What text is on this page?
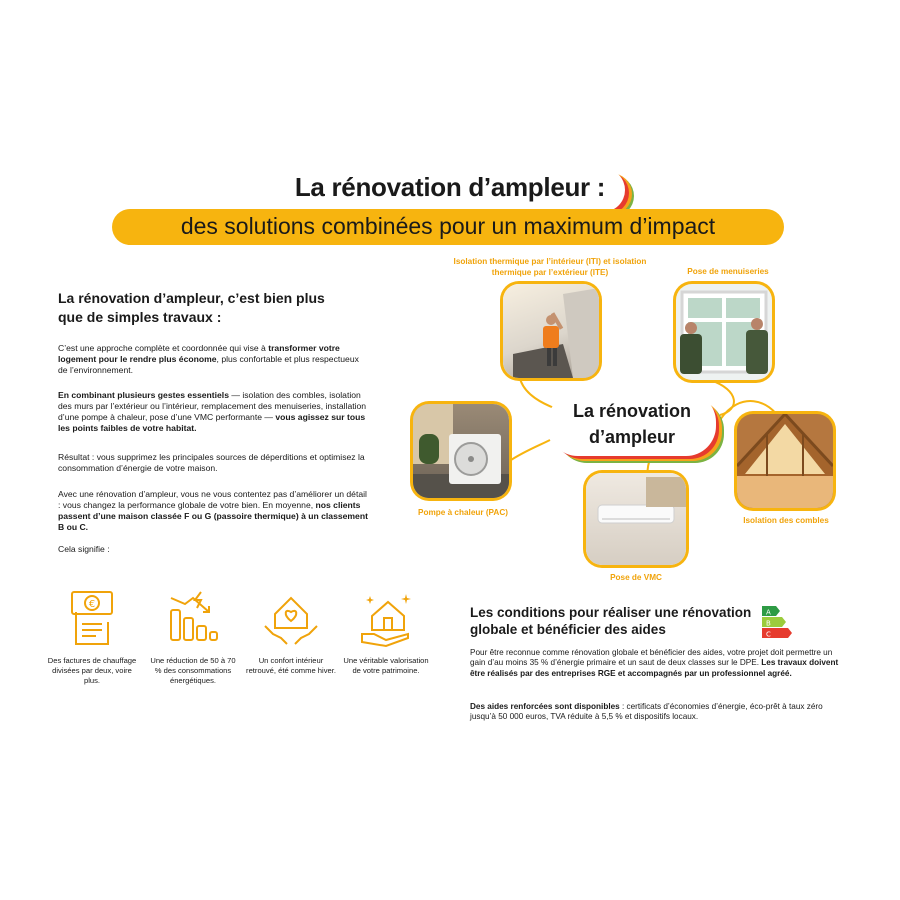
La rénovation d’ampleur :
des solutions combinées pour un maximum d’impact
La rénovation d’ampleur, c’est bien plus que de simples travaux :
C’est une approche complète et coordonnée qui vise à transformer votre logement pour le rendre plus économe, plus confortable et plus respectueux de l’environnement.
En combinant plusieurs gestes essentiels — isolation des combles, isolation des murs par l’extérieur ou l’intérieur, remplacement des menuiseries, installation d’une pompe à chaleur, pose d’une VMC performante — vous agissez sur tous les points faibles de votre habitat.
Résultat : vous supprimez les principales sources de déperditions et optimisez la consommation d’énergie de votre maison.
Avec une rénovation d’ampleur, vous ne vous contentez pas d’améliorer un détail : vous changez la performance globale de votre bien. En moyenne, nos clients passent d’une maison classée F ou G (passoire thermique) à un classement B ou C.
Cela signifie :
€
Des factures de chauffage divisées par deux, voire plus.
Une réduction de 50 à 70 % des consommations énergétiques.
Un confort intérieur retrouvé, été comme hiver.
Une véritable valorisation de votre patrimoine.
Isolation thermique par l’intérieur (ITI) et isolation thermique par l’extérieur (ITE)	Pose de menuiseries
La rénovation
d’ampleur
Pompe à chaleur (PAC)
Pose de VMC
Isolation des combles
Les conditions pour réaliser une rénovation globale et bénéficier des aides
A
B
C
Pour être reconnue comme rénovation globale et bénéficier des aides, votre projet doit permettre un gain d’au moins 35 % d’énergie primaire et un saut de deux classes sur le DPE. Les travaux doivent être réalisés par des entreprises RGE et accompagnés par un professionnel agréé.
Des aides renforcées sont disponibles : certificats d’économies d’énergie, éco-prêt à taux zéro jusqu’à 50 000 euros, TVA réduite à 5,5 % et dispositifs locaux.
